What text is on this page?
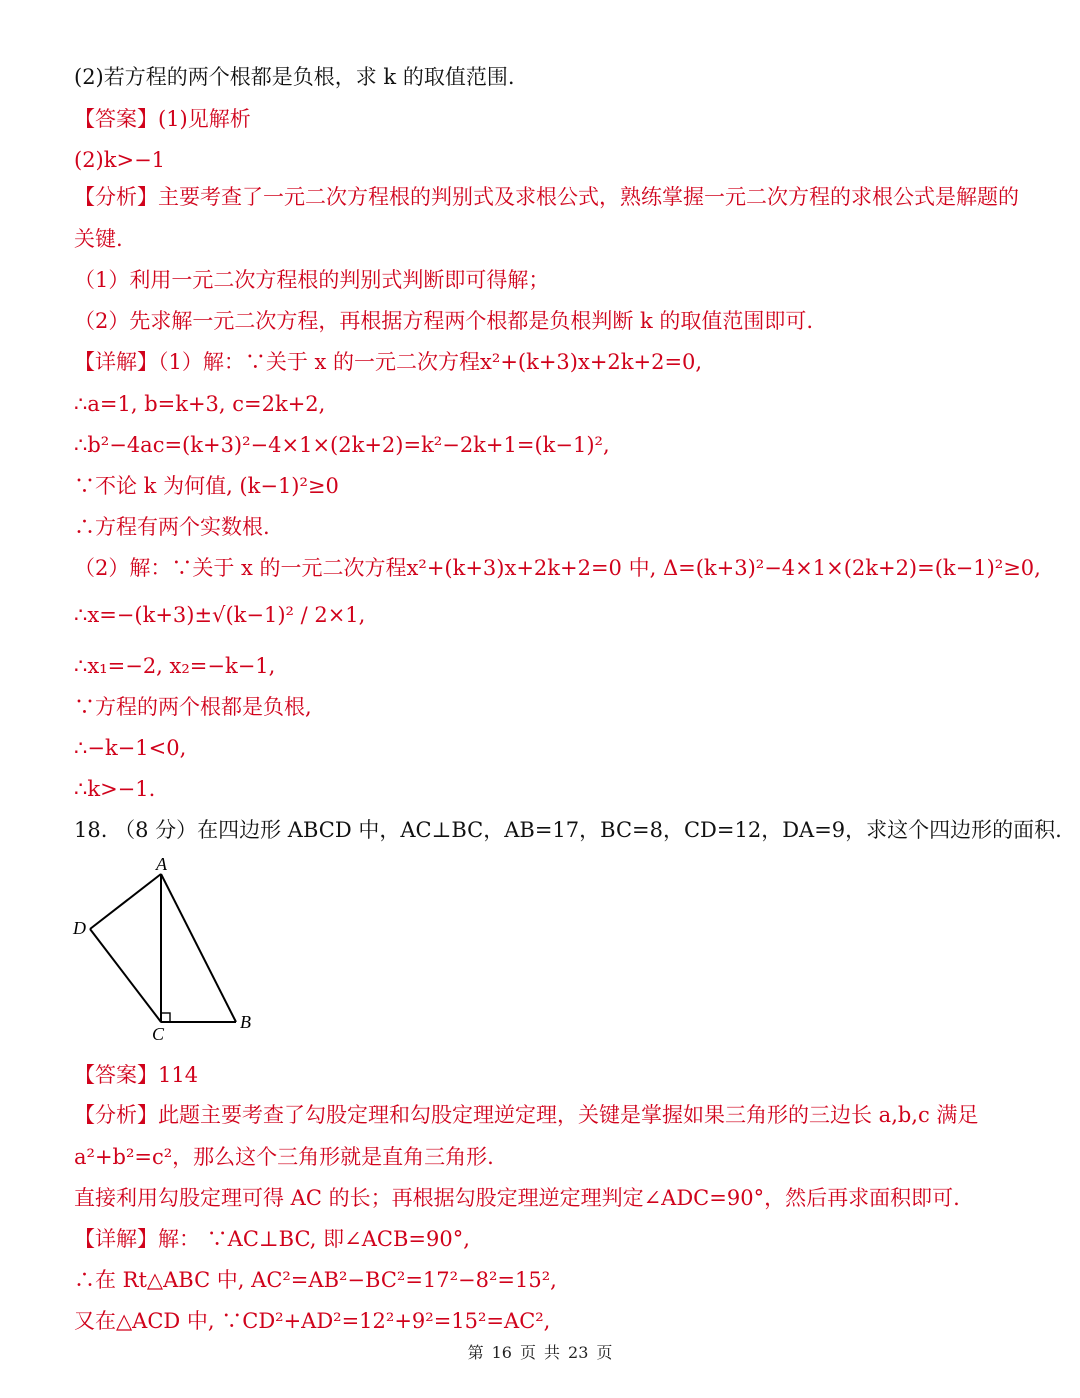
(2)若方程的两个根都是负根，求 k 的取值范围.
【答案】(1)见解析
(2)k>−1
【分析】主要考查了一元二次方程根的判别式及求根公式，熟练掌握一元二次方程的求根公式是解题的
关键.
（1）利用一元二次方程根的判别式判断即可得解；
（2）先求解一元二次方程，再根据方程两个根都是负根判断 k 的取值范围即可.
【详解】（1）解：∵关于 x 的一元二次方程x²+(k+3)x+2k+2=0,
∴a=1, b=k+3, c=2k+2,
∴b²−4ac=(k+3)²−4×1×(2k+2)=k²−2k+1=(k−1)²,
∵不论 k 为何值, (k−1)²≥0
∴方程有两个实数根.
（2）解：∵关于 x 的一元二次方程x²+(k+3)x+2k+2=0 中, Δ=(k+3)²−4×1×(2k+2)=(k−1)²≥0,
∴x=−(k+3)±√(k−1)² / 2×1,
∴x₁=−2, x₂=−k−1,
∵方程的两个根都是负根,
∴−k−1<0,
∴k>−1.
18. （8 分）在四边形 ABCD 中，AC⊥BC，AB=17，BC=8，CD=12，DA=9，求这个四边形的面积.
A
D
C
B
【答案】114
【分析】此题主要考查了勾股定理和勾股定理逆定理，关键是掌握如果三角形的三边长 a,b,c 满足
a²+b²=c²，那么这个三角形就是直角三角形.
直接利用勾股定理可得 AC 的长；再根据勾股定理逆定理判定∠ADC=90°，然后再求面积即可.
【详解】解： ∵AC⊥BC, 即∠ACB=90°,
∴在 Rt△ABC 中, AC²=AB²−BC²=17²−8²=15²,
又在△ACD 中, ∵CD²+AD²=12²+9²=15²=AC²,
第 16 页 共 23 页
